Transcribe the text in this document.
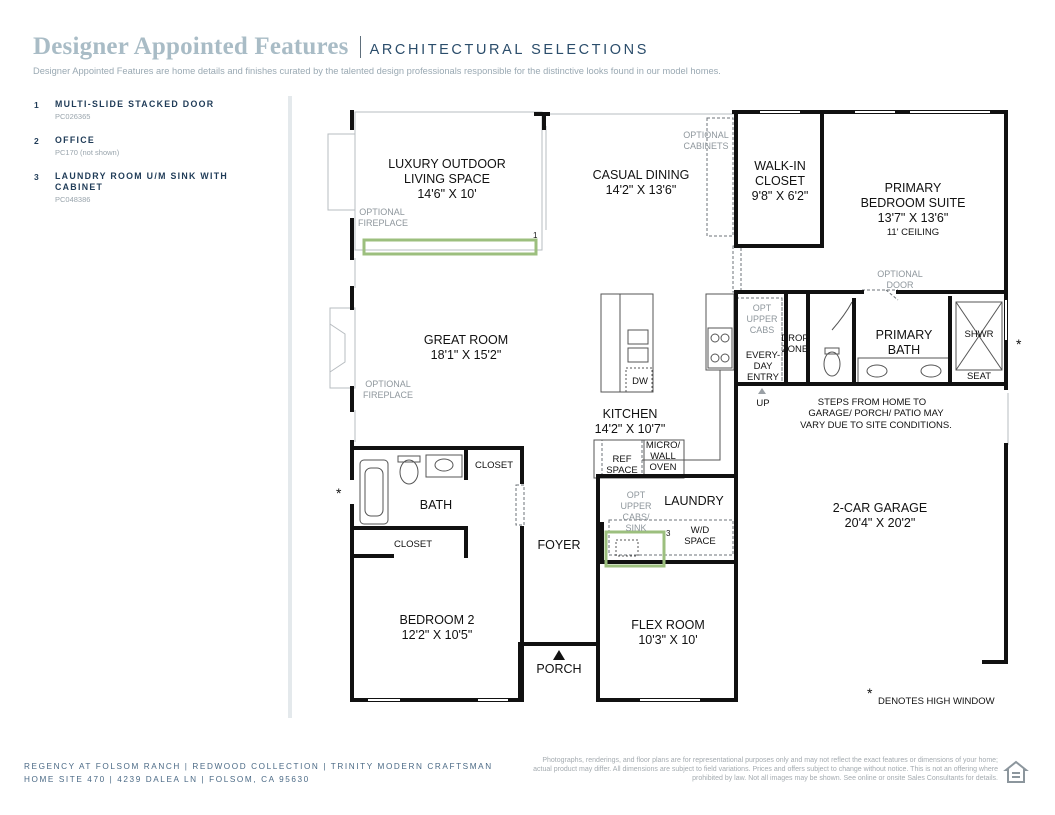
Designer Appointed Features ARCHITECTURAL SELECTIONS
Designer Appointed Features are home details and finishes curated by the talented design professionals responsible for the distinctive looks found in our model homes.
1 MULTI-SLIDE STACKED DOOR
PC026365
2 OFFICE
PC170 (not shown)
3 LAUNDRY ROOM U/M SINK WITH CABINET
PC048386
LUXURY OUTDOOR
LIVING SPACE
14'6" X 10'
CASUAL DINING
14'2" X 13'6"
WALK-IN
CLOSET
9'8" X 6'2"
PRIMARY
BEDROOM SUITE
13'7" X 13'6"
11' CEILING
GREAT ROOM
18'1" X 15'2"
KITCHEN
14'2" X 10'7"
PRIMARY
BATH
SHWR
SEAT
DROP
ZONE
EVERY-
DAY
ENTRY
UP
2-CAR GARAGE
20'4" X 20'2"
LAUNDRY
W/D
SPACE
FOYER
BATH
CLOSET
CLOSET
BEDROOM 2
12'2" X 10'5"
FLEX ROOM
10'3" X 10'
PORCH
DW
REF
SPACE
MICRO/
WALL
OVEN
OPTIONAL
CABINETS
OPTIONAL
FIREPLACE
OPTIONAL
FIREPLACE
OPTIONAL
DOOR
OPT
UPPER
CABS
OPT
UPPER
CABS/
SINK
STEPS FROM HOME TO
GARAGE/ PORCH/ PATIO MAY
VARY DUE TO SITE CONDITIONS.
*
*
*
DENOTES HIGH WINDOW
1
3
REGENCY AT FOLSOM RANCH | REDWOOD COLLECTION | TRINITY MODERN CRAFTSMAN
HOME SITE 470 | 4239 DALEA LN | FOLSOM, CA 95630
Photographs, renderings, and floor plans are for representational purposes only and may not reflect the exact features or dimensions of your home; actual product may differ. All dimensions are subject to field variations. Prices and offers subject to change without notice. This is not an offering where prohibited by law. Not all images may be shown. See online or onsite Sales Consultants for details.
